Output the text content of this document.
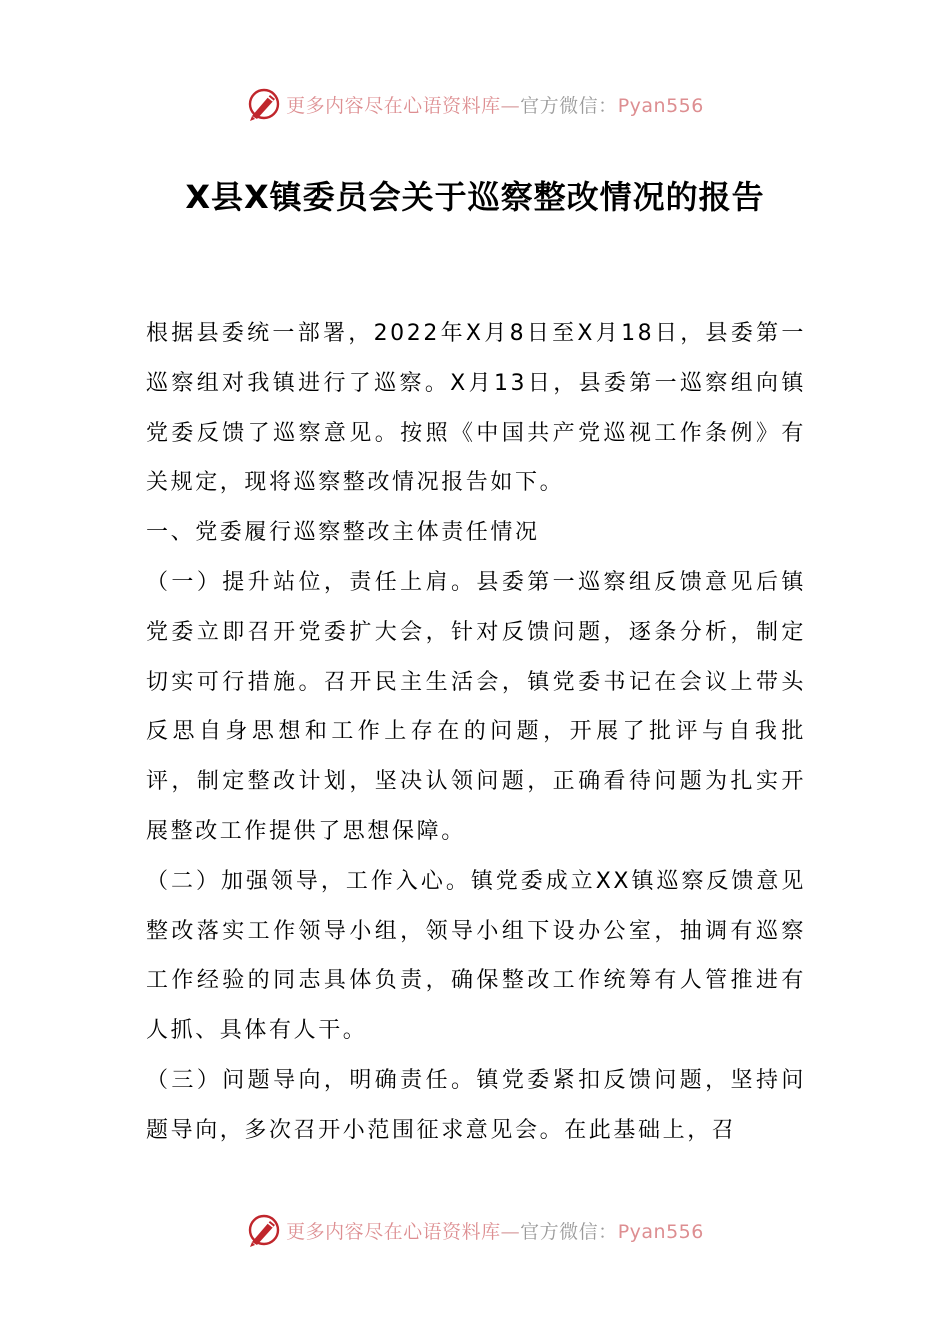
更多内容尽在心语资料库—官方微信：Pyan556
X县X镇委员会关于巡察整改情况的报告

根据县委统一部署，2022年X月8日至X月18日，县委第一巡察组对我镇进行了巡察。X月13日，县委第一巡察组向镇党委反馈了巡察意见。按照《中国共产党巡视工作条例》有关规定，现将巡察整改情况报告如下。

一、党委履行巡察整改主体责任情况

（一）提升站位，责任上肩。县委第一巡察组反馈意见后镇党委立即召开党委扩大会，针对反馈问题，逐条分析，制定切实可行措施。召开民主生活会，镇党委书记在会议上带头反思自身思想和工作上存在的问题，开展了批评与自我批评，制定整改计划，坚决认领问题，正确看待问题为扎实开展整改工作提供了思想保障。

（二）加强领导，工作入心。镇党委成立XX镇巡察反馈意见整改落实工作领导小组，领导小组下设办公室，抽调有巡察工作经验的同志具体负责，确保整改工作统筹有人管推进有人抓、具体有人干。

（三）问题导向，明确责任。镇党委紧扣反馈问题，坚持问题导向，多次召开小范围征求意见会。在此基础上，召

更多内容尽在心语资料库—官方微信：Pyan556
